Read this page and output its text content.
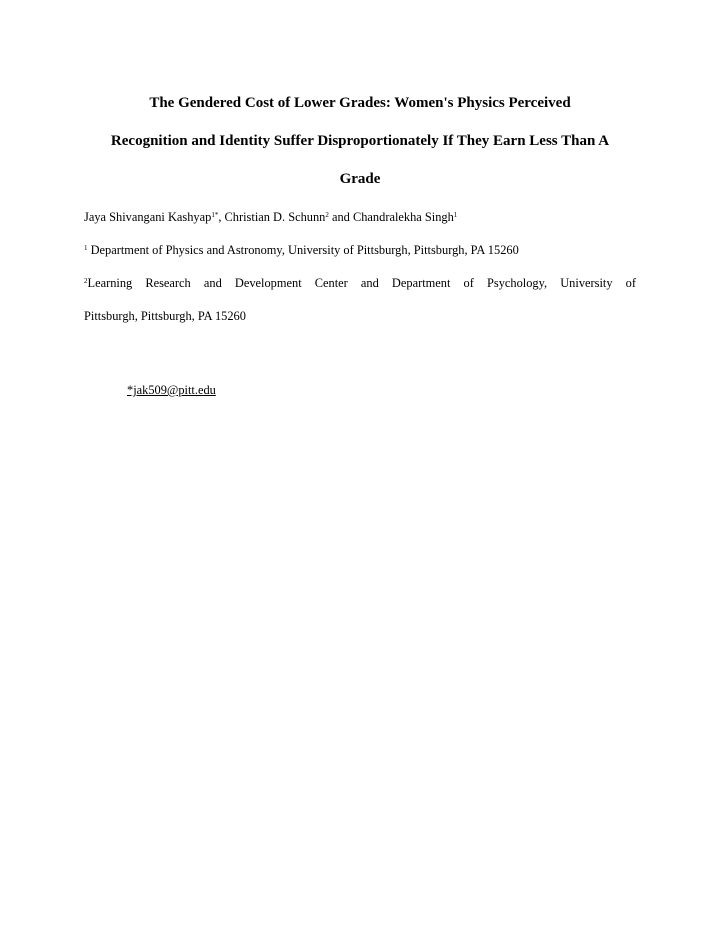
The Gendered Cost of Lower Grades: Women's Physics Perceived
Recognition and Identity Suffer Disproportionately If They Earn Less Than A
Grade
Jaya Shivangani Kashyap$^{1*}$, Christian D. Schunn$^2$ and Chandralekha Singh$^1$
$^1$ Department of Physics and Astronomy, University of Pittsburgh, Pittsburgh, PA 15260
$^2$Learning Research and Development Center and Department of Psychology, University of
Pittsburgh, Pittsburgh, PA 15260
*jak509@pitt.edu
